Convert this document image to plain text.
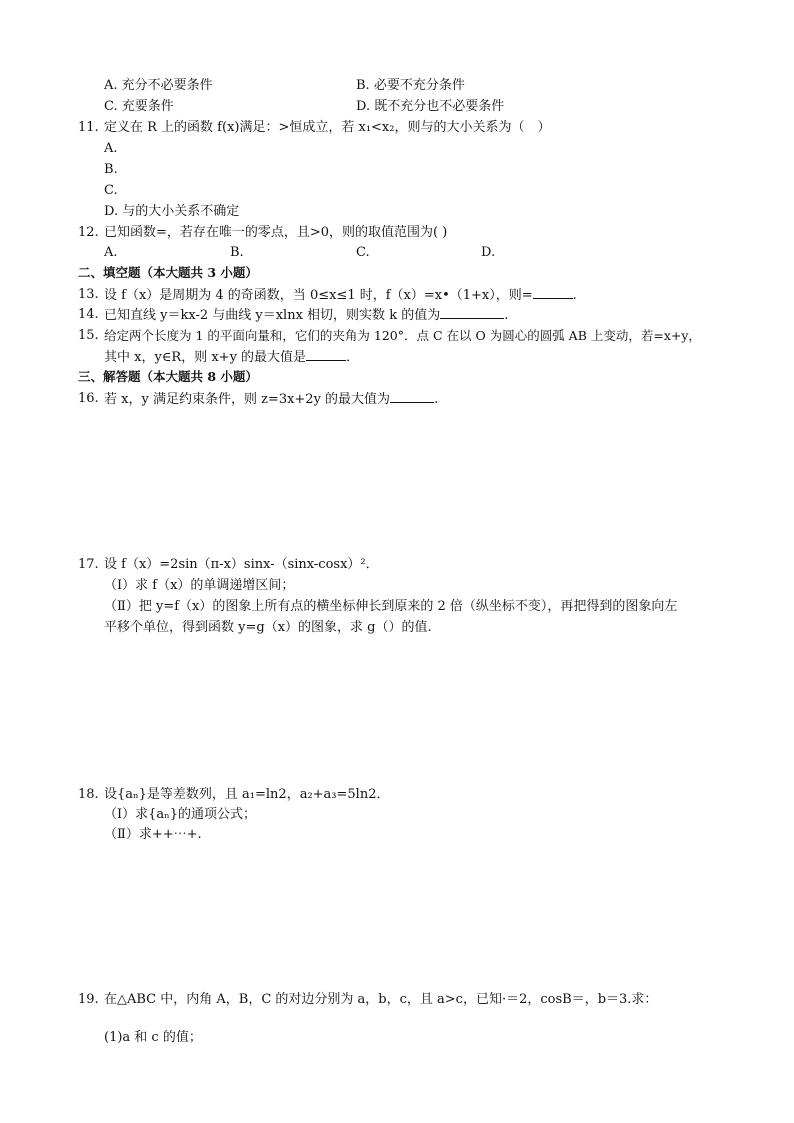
A. 充分不必要条件	B. 必要不充分条件
C. 充要条件	D. 既不充分也不必要条件
11. 定义在 R 上的函数 f(x)满足：>恒成立，若 x₁<x₂，则与的大小关系为（　）
A.
B.
C.
D. 与的大小关系不确定
12. 已知函数=，若存在唯一的零点，且>0，则的取值范围为( )
A.	B.	C.	D.
二、填空题（本大题共 3 小题）
13. 设 f（x）是周期为 4 的奇函数，当 0≤x≤1 时，f（x）=x•（1+x），则=	.
14. 已知直线 y＝kx-2 与曲线 y＝xlnx 相切，则实数 k 的值为	.
15. 给定两个长度为 1 的平面向量和，它们的夹角为 120°．点 C 在以 O 为圆心的圆弧 AB 上变动，若=x+y，
其中 x，y∈R，则 x+y 的最大值是	．
三、解答题（本大题共 8 小题）
16. 若 x，y 满足约束条件，则 z=3x+2y 的最大值为	.
17. 设 f（x）=2sin（π-x）sinx-（sinx-cosx）²．
（Ⅰ）求 f（x）的单调递增区间；
（Ⅱ）把 y=f（x）的图象上所有点的横坐标伸长到原来的 2 倍（纵坐标不变），再把得到的图象向左
平移个单位，得到函数 y=g（x）的图象，求 g（）的值.
18. 设{aₙ}是等差数列，且 a₁=ln2，a₂+a₃=5ln2．
（Ⅰ）求{aₙ}的通项公式；
（Ⅱ）求++⋯+.
19. 在△ABC 中，内角 A，B，C 的对边分别为 a，b，c，且 a>c，已知·＝2，cosB＝，b＝3.求：
(1)a 和 c 的值；
